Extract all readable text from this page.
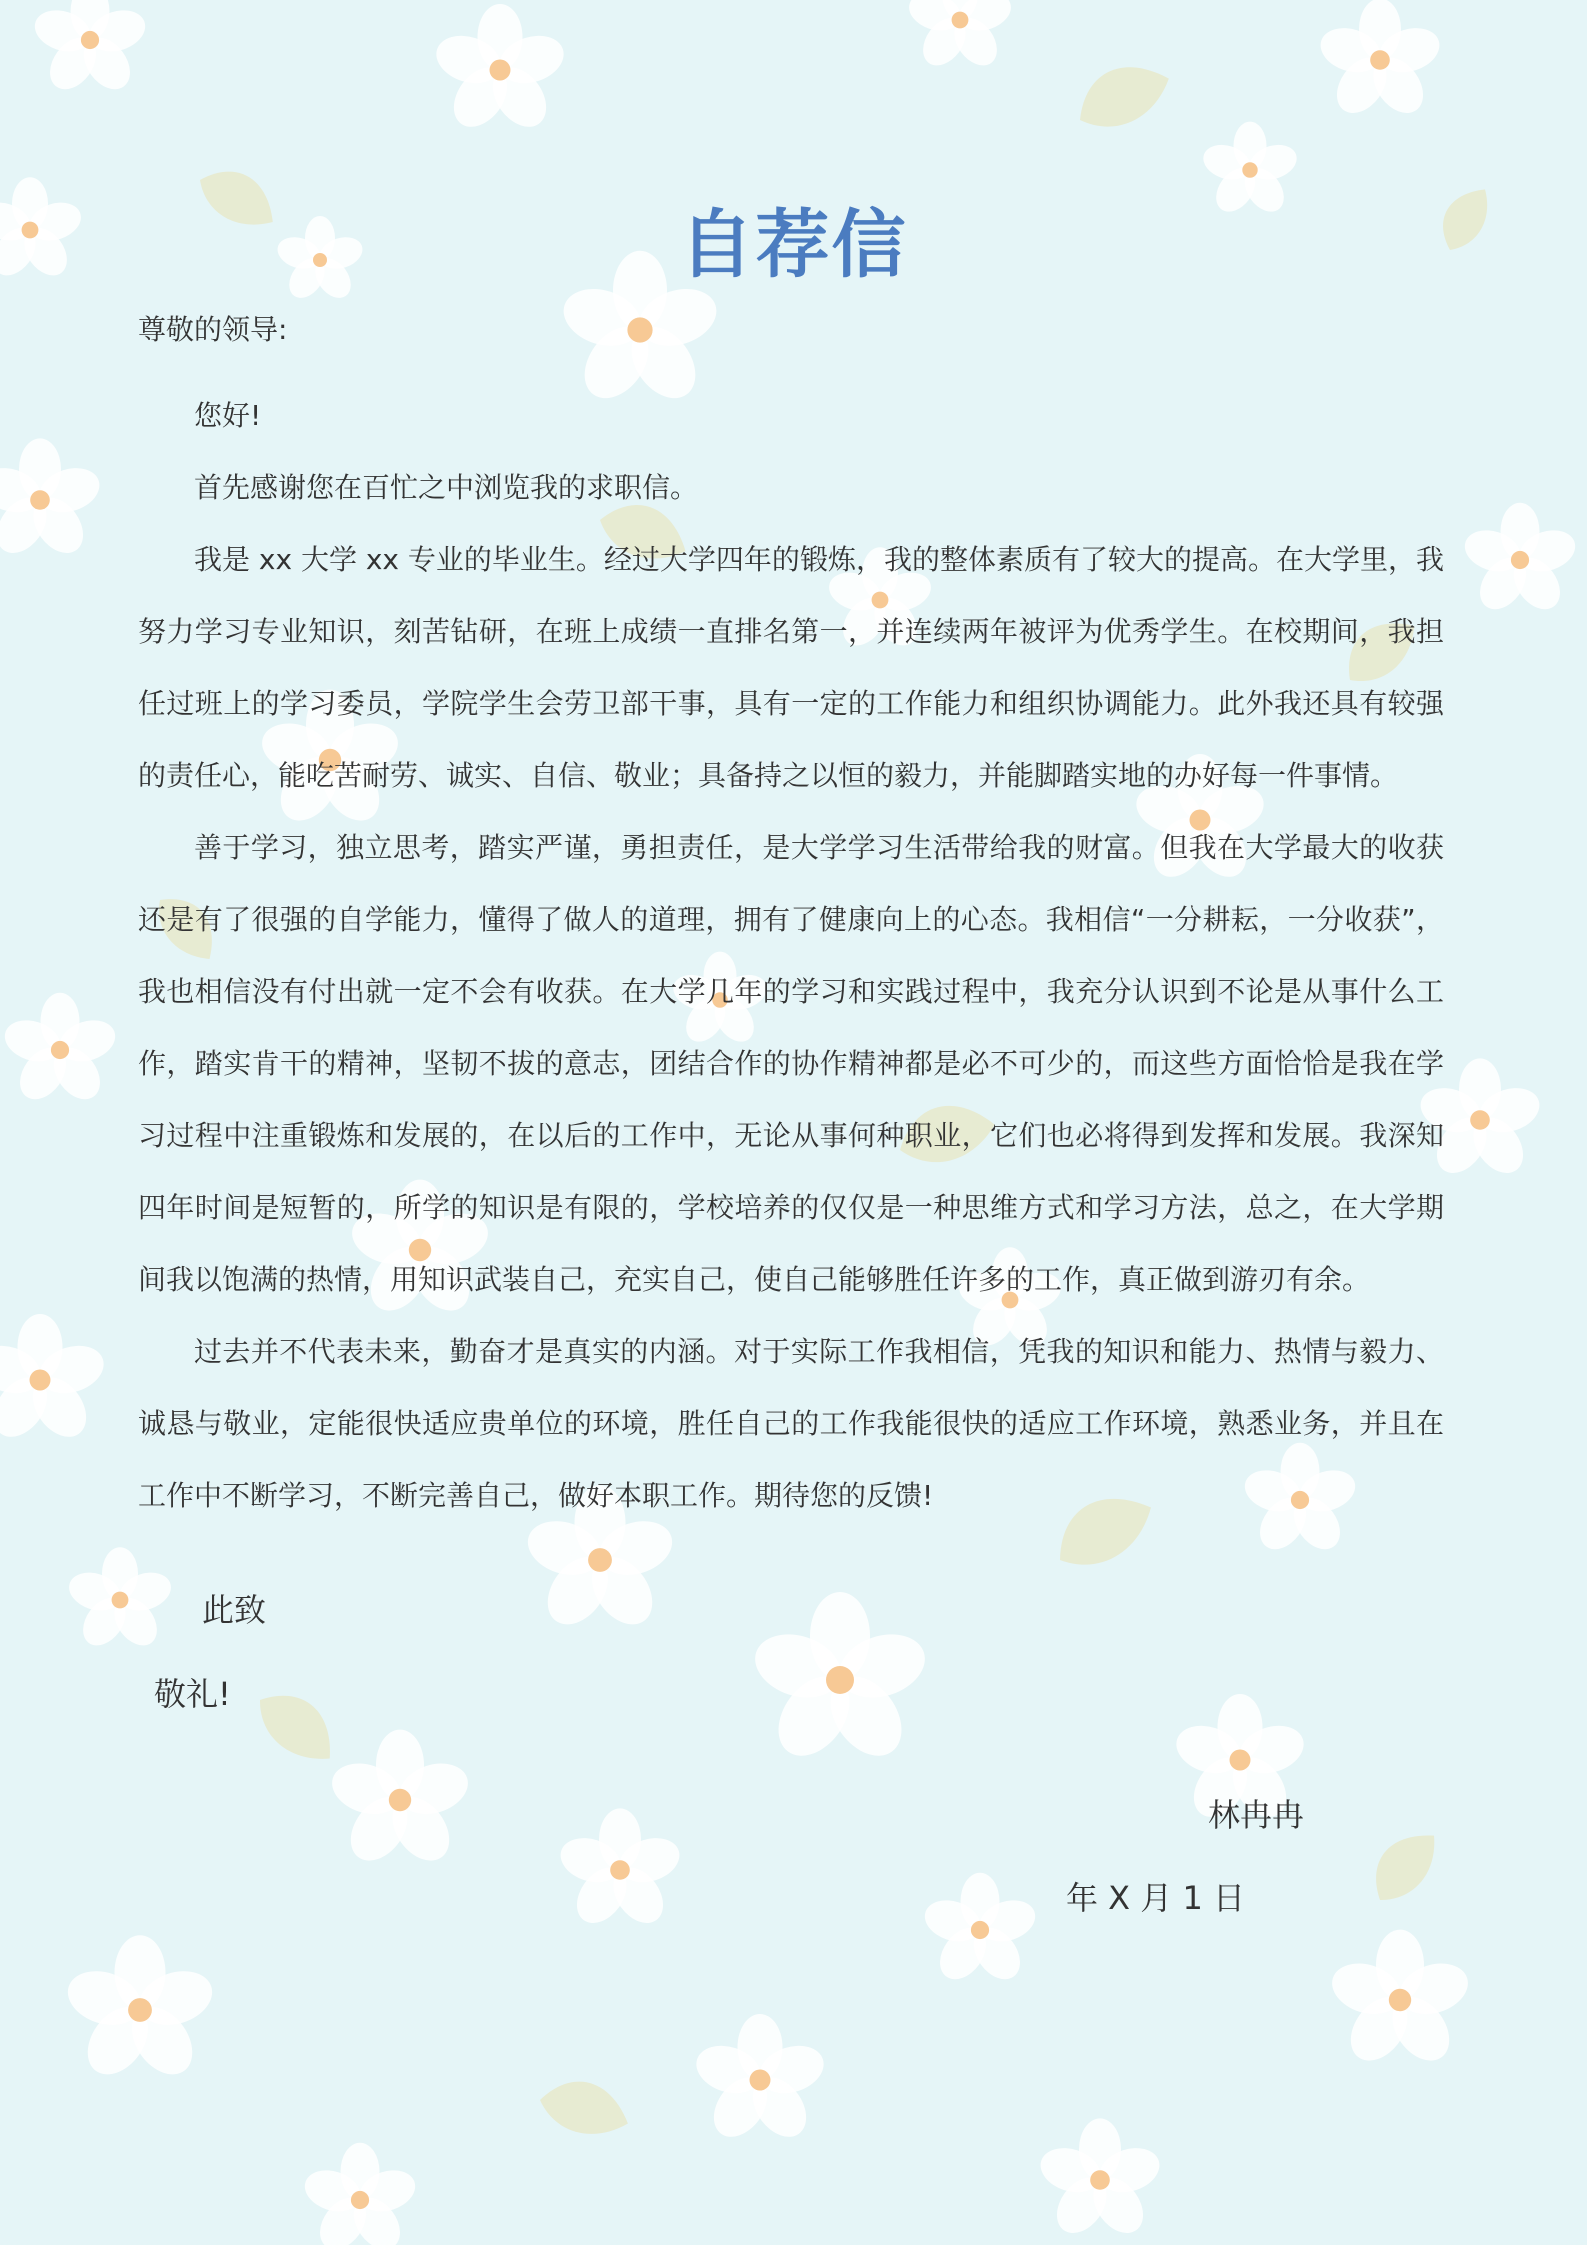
自荐信

尊敬的领导:

您好!

首先感谢您在百忙之中浏览我的求职信。

我是 xx 大学 xx 专业的毕业生。经过大学四年的锻炼，我的整体素质有了较大的提高。在大学里，我努力学习专业知识，刻苦钻研，在班上成绩一直排名第一，并连续两年被评为优秀学生。在校期间，我担任过班上的学习委员，学院学生会劳卫部干事，具有一定的工作能力和组织协调能力。此外我还具有较强的责任心，能吃苦耐劳、诚实、自信、敬业；具备持之以恒的毅力，并能脚踏实地的办好每一件事情。

善于学习，独立思考，踏实严谨，勇担责任，是大学学习生活带给我的财富。但我在大学最大的收获还是有了很强的自学能力，懂得了做人的道理，拥有了健康向上的心态。我相信“一分耕耘，一分收获”，我也相信没有付出就一定不会有收获。在大学几年的学习和实践过程中，我充分认识到不论是从事什么工作，踏实肯干的精神，坚韧不拔的意志，团结合作的协作精神都是必不可少的，而这些方面恰恰是我在学习过程中注重锻炼和发展的，在以后的工作中，无论从事何种职业，它们也必将得到发挥和发展。我深知四年时间是短暂的，所学的知识是有限的，学校培养的仅仅是一种思维方式和学习方法，总之，在大学期间我以饱满的热情，用知识武装自己，充实自己，使自己能够胜任许多的工作，真正做到游刃有余。

过去并不代表未来，勤奋才是真实的内涵。对于实际工作我相信，凭我的知识和能力、热情与毅力、诚恳与敬业，定能很快适应贵单位的环境，胜任自己的工作我能很快的适应工作环境，熟悉业务，并且在工作中不断学习，不断完善自己，做好本职工作。期待您的反馈!

此致

敬礼!

林冉冉

年 X 月 1 日
